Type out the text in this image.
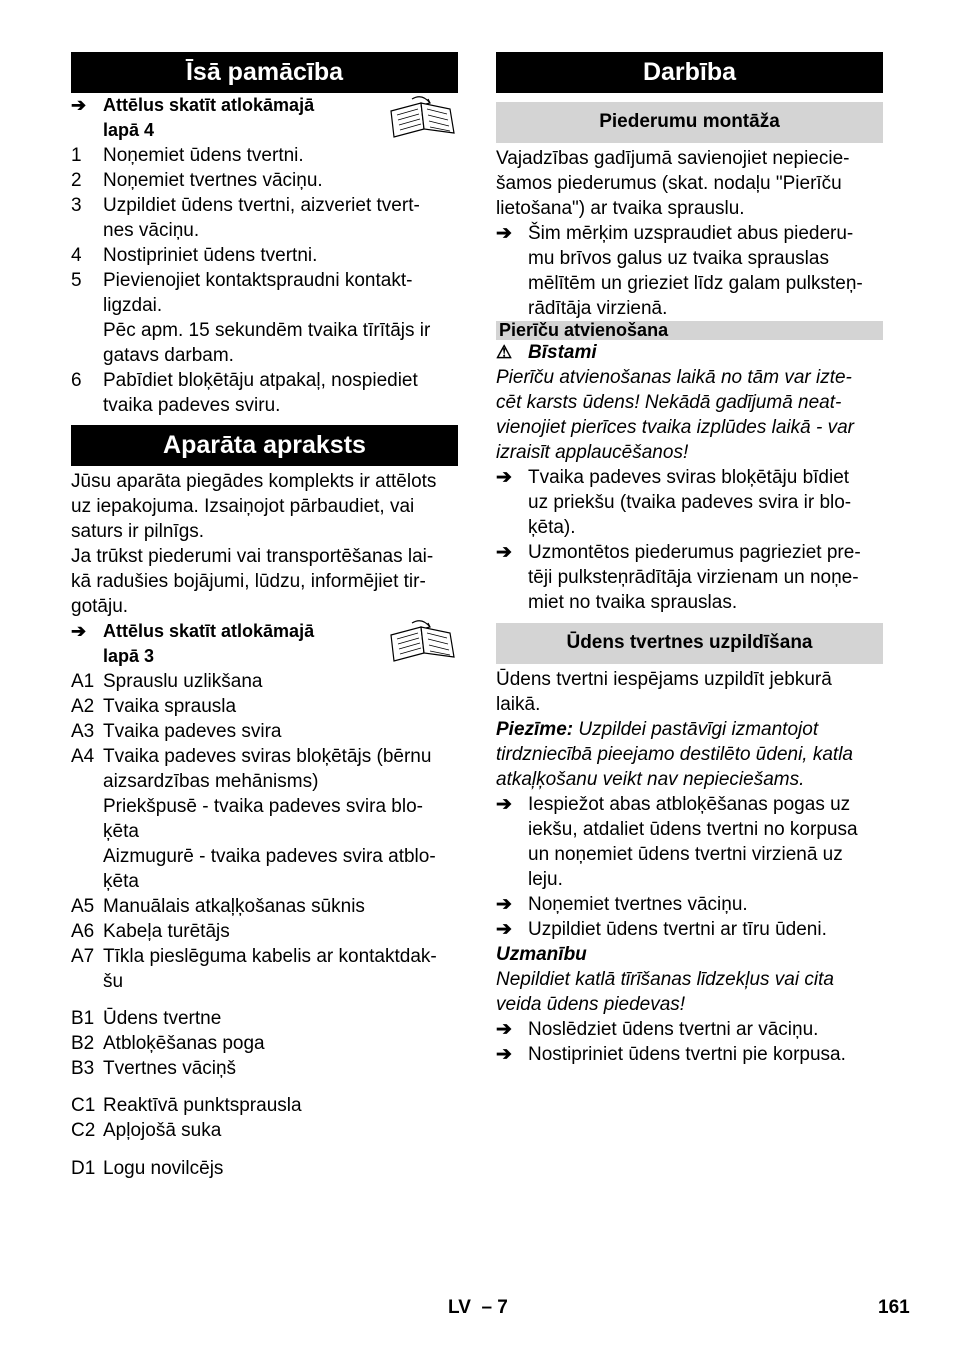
Īsā pamācība
➔ Attēlus skatīt atlokāmajā
lapā 4
1	Noņemiet ūdens tvertni.
2	Noņemiet tvertnes vāciņu.
3	Uzpildiet ūdens tvertni, aizveriet tvert-
nes vāciņu.
4	Nostipriniet ūdens tvertni.
5	Pievienojiet kontaktspraudni kontakt-
ligzdai.
Pēc apm. 15 sekundēm tvaika tīrītājs ir
gatavs darbam.
6	Pabīdiet bloķētāju atpakaļ, nospiediet
tvaika padeves sviru.
Aparāta apraksts
Jūsu aparāta piegādes komplekts ir attēlots
uz iepakojuma. Izsaiņojot pārbaudiet, vai
saturs ir pilnīgs.
Ja trūkst piederumi vai transportēšanas lai-
kā radušies bojājumi, lūdzu, informējiet tir-
gotāju.
➔ Attēlus skatīt atlokāmajā
lapā 3
A1 Sprauslu uzlikšana
A2 Tvaika sprausla
A3 Tvaika padeves svira
A4 Tvaika padeves sviras bloķētājs (bērnu
aizsardzības mehānisms)
Priekšpusē - tvaika padeves svira blo-
ķēta
Aizmugurē - tvaika padeves svira atblo-
ķēta
A5 Manuālais atkaļķošanas sūknis
A6 Kabeļa turētājs
A7 Tīkla pieslēguma kabelis ar kontaktdak-
šu
B1 Ūdens tvertne
B2 Atbloķēšanas poga
B3 Tvertnes vāciņš
C1 Reaktīvā punktsprausla
C2 Apļojošā suka
D1 Logu novilcējs
Darbība
Piederumu montāža
Vajadzības gadījumā savienojiet nepiecie-
šamos piederumus (skat. nodaļu "Pierīču
lietošana") ar tvaika sprauslu.
➔ Šim mērķim uzspraudiet abus piederu-
mu brīvos galus uz tvaika sprauslas
mēlītēm un grieziet līdz galam pulksteņ-
rādītāja virzienā.
Pierīču atvienošana
⚠ Bīstami
Pierīču atvienošanas laikā no tām var izte-
cēt karsts ūdens! Nekādā gadījumā neat-
vienojiet pierīces tvaika izplūdes laikā - var
izraisīt applaucēšanos!
➔ Tvaika padeves sviras bloķētāju bīdiet
uz priekšu (tvaika padeves svira ir blo-
ķēta).
➔ Uzmontētos piederumus pagrieziet pre-
tēji pulksteņrādītāja virzienam un noņe-
miet no tvaika sprauslas.
Ūdens tvertnes uzpildīšana
Ūdens tvertni iespējams uzpildīt jebkurā
laikā.
Piezīme: Uzpildei pastāvīgi izmantojot
tirdzniecībā pieejamo destilēto ūdeni, katla
atkaļķošanu veikt nav nepieciešams.
➔ Iespiežot abas atbloķēšanas pogas uz
iekšu, atdaliet ūdens tvertni no korpusa
un noņemiet ūdens tvertni virzienā uz
leju.
➔ Noņemiet tvertnes vāciņu.
➔ Uzpildiet ūdens tvertni ar tīru ūdeni.
Uzmanību
Nepildiet katlā tīrīšanas līdzekļus vai cita
veida ūdens piedevas!
➔ Noslēdziet ūdens tvertni ar vāciņu.
➔ Nostipriniet ūdens tvertni pie korpusa.
LV – 7	161
